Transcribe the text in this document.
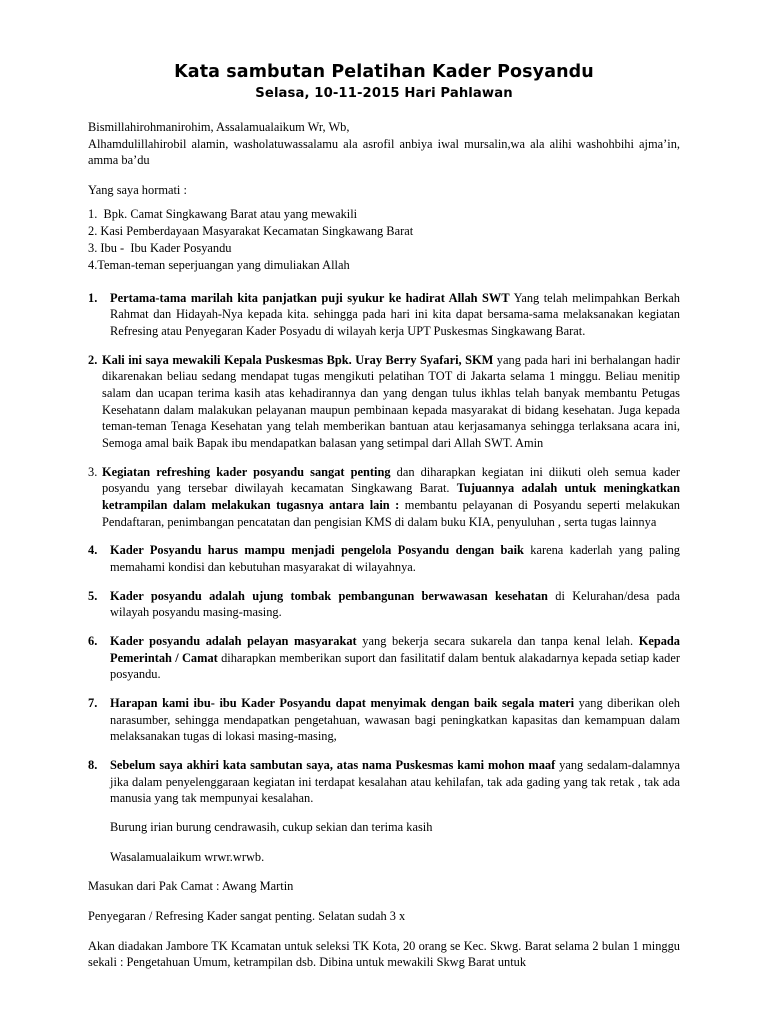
Kata sambutan Pelatihan Kader Posyandu
Selasa, 10-11-2015 Hari Pahlawan

Bismillahirohmanirohim, Assalamualaikum Wr, Wb,

Alhamdulillahirobil alamin, washolatuwassalamu ala asrofil anbiya iwal mursalin,wa ala alihi washohbihi ajma’in, amma ba’du

Yang saya hormati :

1.  Bpk. Camat Singkawang Barat atau yang mewakili
2. Kasi Pemberdayaan Masyarakat Kecamatan Singkawang Barat
3. Ibu -  Ibu Kader Posyandu
4.Teman-teman seperjuangan yang dimuliakan Allah
1. Pertama-tama marilah kita panjatkan puji syukur ke hadirat Allah SWT Yang telah melimpahkan Berkah Rahmat dan Hidayah-Nya kepada kita. sehingga pada hari ini kita dapat bersama-sama melaksanakan kegiatan Refresing atau Penyegaran Kader Posyadu di wilayah kerja UPT Puskesmas Singkawang Barat.
2. Kali ini saya mewakili Kepala Puskesmas Bpk. Uray Berry Syafari, SKM yang pada hari ini berhalangan hadir dikarenakan beliau sedang mendapat tugas mengikuti pelatihan TOT di Jakarta selama 1 minggu. Beliau menitip salam dan ucapan terima kasih atas kehadirannya dan yang dengan tulus ikhlas telah banyak membantu Petugas Kesehatann dalam malakukan pelayanan maupun pembinaan kepada masyarakat di bidang kesehatan. Juga kepada teman-teman Tenaga Kesehatan yang telah memberikan bantuan atau kerjasamanya sehingga terlaksana acara ini, Semoga amal baik Bapak ibu mendapatkan balasan yang setimpal dari Allah SWT. Amin
3. Kegiatan refreshing kader posyandu sangat penting dan diharapkan kegiatan ini diikuti oleh semua kader posyandu yang tersebar diwilayah kecamatan Singkawang Barat. Tujuannya adalah untuk meningkatkan ketrampilan dalam melakukan tugasnya antara lain : membantu pelayanan di Posyandu seperti melakukan Pendaftaran, penimbangan pencatatan dan pengisian KMS di dalam buku KIA, penyuluhan , serta tugas lainnya
4. Kader Posyandu harus mampu menjadi pengelola Posyandu dengan baik karena kaderlah yang paling memahami kondisi dan kebutuhan masyarakat di wilayahnya.
5. Kader posyandu adalah ujung tombak pembangunan berwawasan kesehatan di Kelurahan/desa pada wilayah posyandu masing-masing.
6. Kader posyandu adalah pelayan masyarakat yang bekerja secara sukarela dan tanpa kenal lelah. Kepada Pemerintah / Camat diharapkan memberikan suport dan fasilitatif dalam bentuk alakadarnya kepada setiap kader posyandu.
7. Harapan kami ibu- ibu Kader Posyandu dapat menyimak dengan baik segala materi yang diberikan oleh narasumber, sehingga mendapatkan pengetahuan, wawasan bagi peningkatkan kapasitas dan kemampuan dalam melaksanakan tugas di lokasi masing-masing,
8. Sebelum saya akhiri kata sambutan saya, atas nama Puskesmas kami mohon maaf yang sedalam-dalamnya jika dalam penyelenggaraan kegiatan ini terdapat kesalahan atau kehilafan, tak ada gading yang tak retak , tak ada manusia yang tak mempunyai kesalahan.

Burung irian burung cendrawasih, cukup sekian dan terima kasih

Wasalamualaikum wrwr.wrwb.

Masukan dari Pak Camat : Awang Martin

Penyegaran / Refresing Kader sangat penting. Selatan sudah 3 x

Akan diadakan Jambore TK Kcamatan untuk seleksi TK Kota, 20 orang se Kec. Skwg. Barat selama 2 bulan 1 minggu sekali : Pengetahuan Umum, ketrampilan dsb. Dibina untuk mewakili Skwg Barat untuk
